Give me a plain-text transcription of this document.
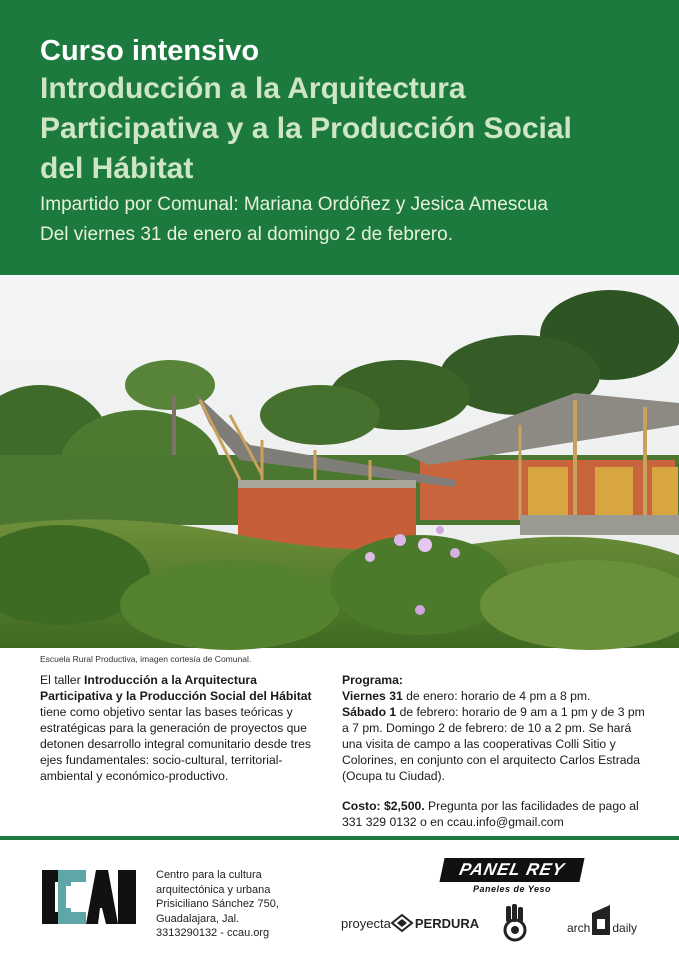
Curso intensivo
Introducción a la Arquitectura
Participativa y a la Producción Social
del Hábitat
Impartido por Comunal: Mariana Ordóñez y Jesica Amescua
Del viernes 31 de enero al domingo 2 de febrero.
Escuela Rural Productiva, imagen cortesía de Comunal.
El taller Introducción a la Arquitectura Participativa y la Producción Social del Hábitat tiene como objetivo sentar las bases teóricas y estratégicas para la generación de proyectos que detonen desarrollo integral comunitario desde tres ejes fundamentales: socio-cultural, territorial-ambiental y económico-productivo.

Programa:

Viernes 31 de enero: horario de 4 pm a 8 pm.

Sábado 1 de febrero: horario de 9 am a 1 pm y de 3 pm a 7 pm. Domingo 2 de febrero: de 10 a 2 pm. Se hará una visita de campo a las cooperativas Colli Sitio y Colorines, en conjunto con el arquitecto Carlos Estrada (Ocupa tu Ciudad).

Costo: $2,500. Pregunta por las facilidades de pago al 331 329 0132 o en ccau.info@gmail.com

CCAU
Centro para la cultura
arquitectónica y urbana
Prisiciliano Sánchez 750,
Guadalajara, Jal.
3313290132 - ccau.org
PANEL REY
Paneles de Yeso
proyecta PERDURA	arch daily
